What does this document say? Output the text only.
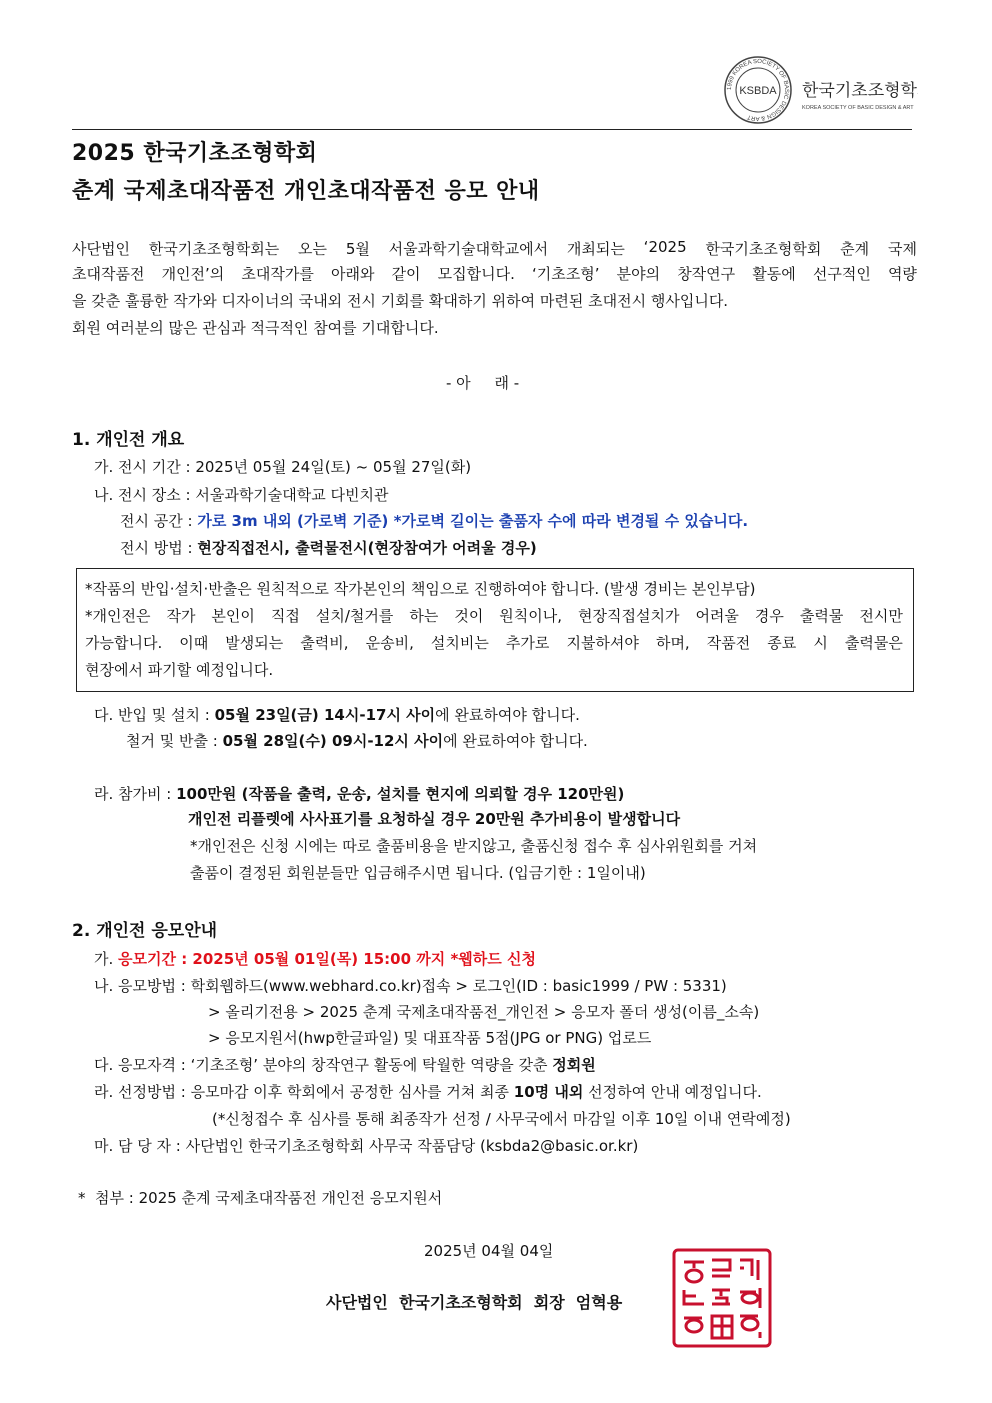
1999 KOREA SOCIETY OF BASIC DESIGN & ART
KSBDA 한국기초조형학
KOREA SOCIETY OF BASIC DESIGN & ART
2025 한국기초조형학회
춘계 국제초대작품전 개인초대작품전 응모 안내
사단법인 한국기초조형학회는 오는 5월 서울과학기술대학교에서 개최되는 ‘2025 한국기초조형학회 춘계 국제
초대작품전 개인전’의 초대작가를 아래와 같이 모집합니다. ‘기초조형’ 분야의 창작연구 활동에 선구적인 역량
을 갖춘 훌륭한 작가와 디자이너의 국내외 전시 기회를 확대하기 위하여 마련된 초대전시 행사입니다.
회원 여러분의 많은 관심과 적극적인 참여를 기대합니다.
- 아     래 -
1. 개인전 개요
가. 전시 기간 : 2025년 05월 24일(토) ~ 05월 27일(화)
나. 전시 장소 : 서울과학기술대학교 다빈치관
전시 공간 : 가로 3m 내외 (가로벽 기준) *가로벽 길이는 출품자 수에 따라 변경될 수 있습니다.
전시 방법 : 현장직접전시, 출력물전시(현장참여가 어려울 경우)
*작품의 반입·설치·반출은 원칙적으로 작가본인의 책임으로 진행하여야 합니다. (발생 경비는 본인부담)
*개인전은 작가 본인이 직접 설치/철거를 하는 것이 원칙이나, 현장직접설치가 어려울 경우 출력물 전시만
가능합니다. 이때 발생되는 출력비, 운송비, 설치비는 추가로 지불하셔야 하며, 작품전 종료 시 출력물은
현장에서 파기할 예정입니다.
다. 반입 및 설치 : 05월 23일(금) 14시-17시 사이에 완료하여야 합니다.
철거 및 반출 : 05월 28일(수) 09시-12시 사이에 완료하여야 합니다.
라. 참가비 : 100만원 (작품을 출력, 운송, 설치를 현지에 의뢰할 경우 120만원)
개인전 리플렛에 사사표기를 요청하실 경우 20만원 추가비용이 발생합니다
*개인전은 신청 시에는 따로 출품비용을 받지않고, 출품신청 접수 후 심사위원회를 거쳐
출품이 결정된 회원분들만 입금해주시면 됩니다. (입금기한 : 1일이내)
2. 개인전 응모안내
가. 응모기간 : 2025년 05월 01일(목) 15:00 까지 *웹하드 신청
나. 응모방법 : 학회웹하드(www.webhard.co.kr)접속 > 로그인(ID : basic1999 / PW : 5331)
> 올리기전용 > 2025 춘계 국제초대작품전_개인전 > 응모자 폴더 생성(이름_소속)
> 응모지원서(hwp한글파일) 및 대표작품 5점(JPG or PNG) 업로드
다. 응모자격 : ‘기초조형’ 분야의 창작연구 활동에 탁월한 역량을 갖춘 정회원
라. 선정방법 : 응모마감 이후 학회에서 공정한 심사를 거쳐 최종 10명 내외 선정하여 안내 예정입니다.
(*신청접수 후 심사를 통해 최종작가 선정 / 사무국에서 마감일 이후 10일 이내 연락예정)
마. 담 당 자 : 사단법인 한국기초조형학회 사무국 작품담당 (ksbda2@basic.or.kr)
*  첨부 : 2025 춘계 국제초대작품전 개인전 응모지원서
2025년 04월 04일
사단법인  한국기초조형학회  회장  엄혁용
